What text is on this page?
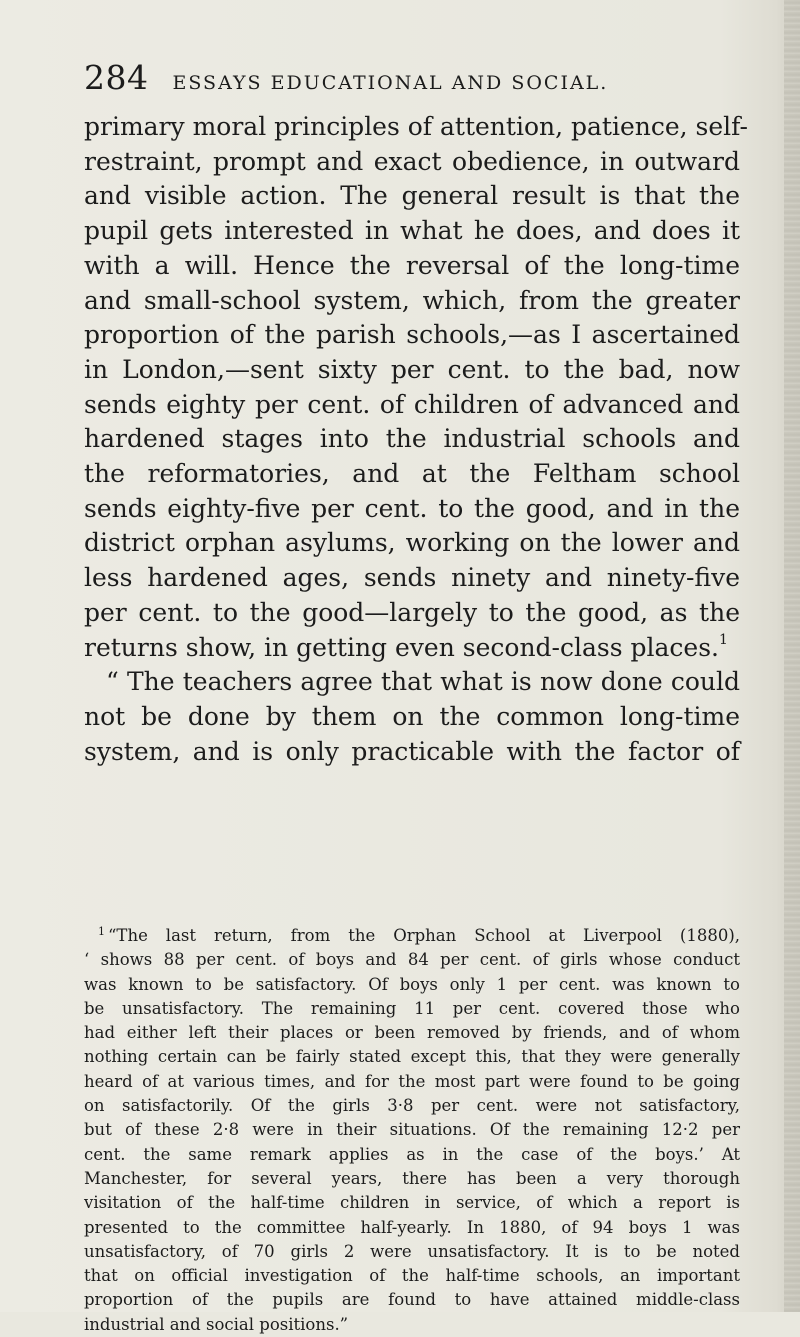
284 ESSAYS EDUCATIONAL AND SOCIAL.
primary moral principles of attention, patience, self-
restraint, prompt and exact obedience, in outward
and visible action. The general result is that the
pupil gets interested in what he does, and does it
with a will. Hence the reversal of the long-time
and small-school system, which, from the greater
proportion of the parish schools,—as I ascertained
in London,—sent sixty per cent. to the bad, now
sends eighty per cent. of children of advanced and
hardened stages into the industrial schools and
the reformatories, and at the Feltham school
sends eighty-five per cent. to the good, and in the
district orphan asylums, working on the lower and
less hardened ages, sends ninety and ninety-five
per cent. to the good—largely to the good, as the
returns show, in getting even second-class places.$^1$
“ The teachers agree that what is now done could
not be done by them on the common long-time
system, and is only practicable with the factor of
$^1$ “The last return, from the Orphan School at Liverpool (1880),
‘ shows 88 per cent. of boys and 84 per cent. of girls whose conduct
was known to be satisfactory. Of boys only 1 per cent. was known to
be unsatisfactory. The remaining 11 per cent. covered those who
had either left their places or been removed by friends, and of whom
nothing certain can be fairly stated except this, that they were generally
heard of at various times, and for the most part were found to be going
on satisfactorily. Of the girls 3·8 per cent. were not satisfactory,
but of these 2·8 were in their situations. Of the remaining 12·2 per
cent. the same remark applies as in the case of the boys.’ At
Manchester, for several years, there has been a very thorough
visitation of the half-time children in service, of which a report is
presented to the committee half-yearly. In 1880, of 94 boys 1 was
unsatisfactory, of 70 girls 2 were unsatisfactory. It is to be noted
that on official investigation of the half-time schools, an important
proportion of the pupils are found to have attained middle-class
industrial and social positions.”
